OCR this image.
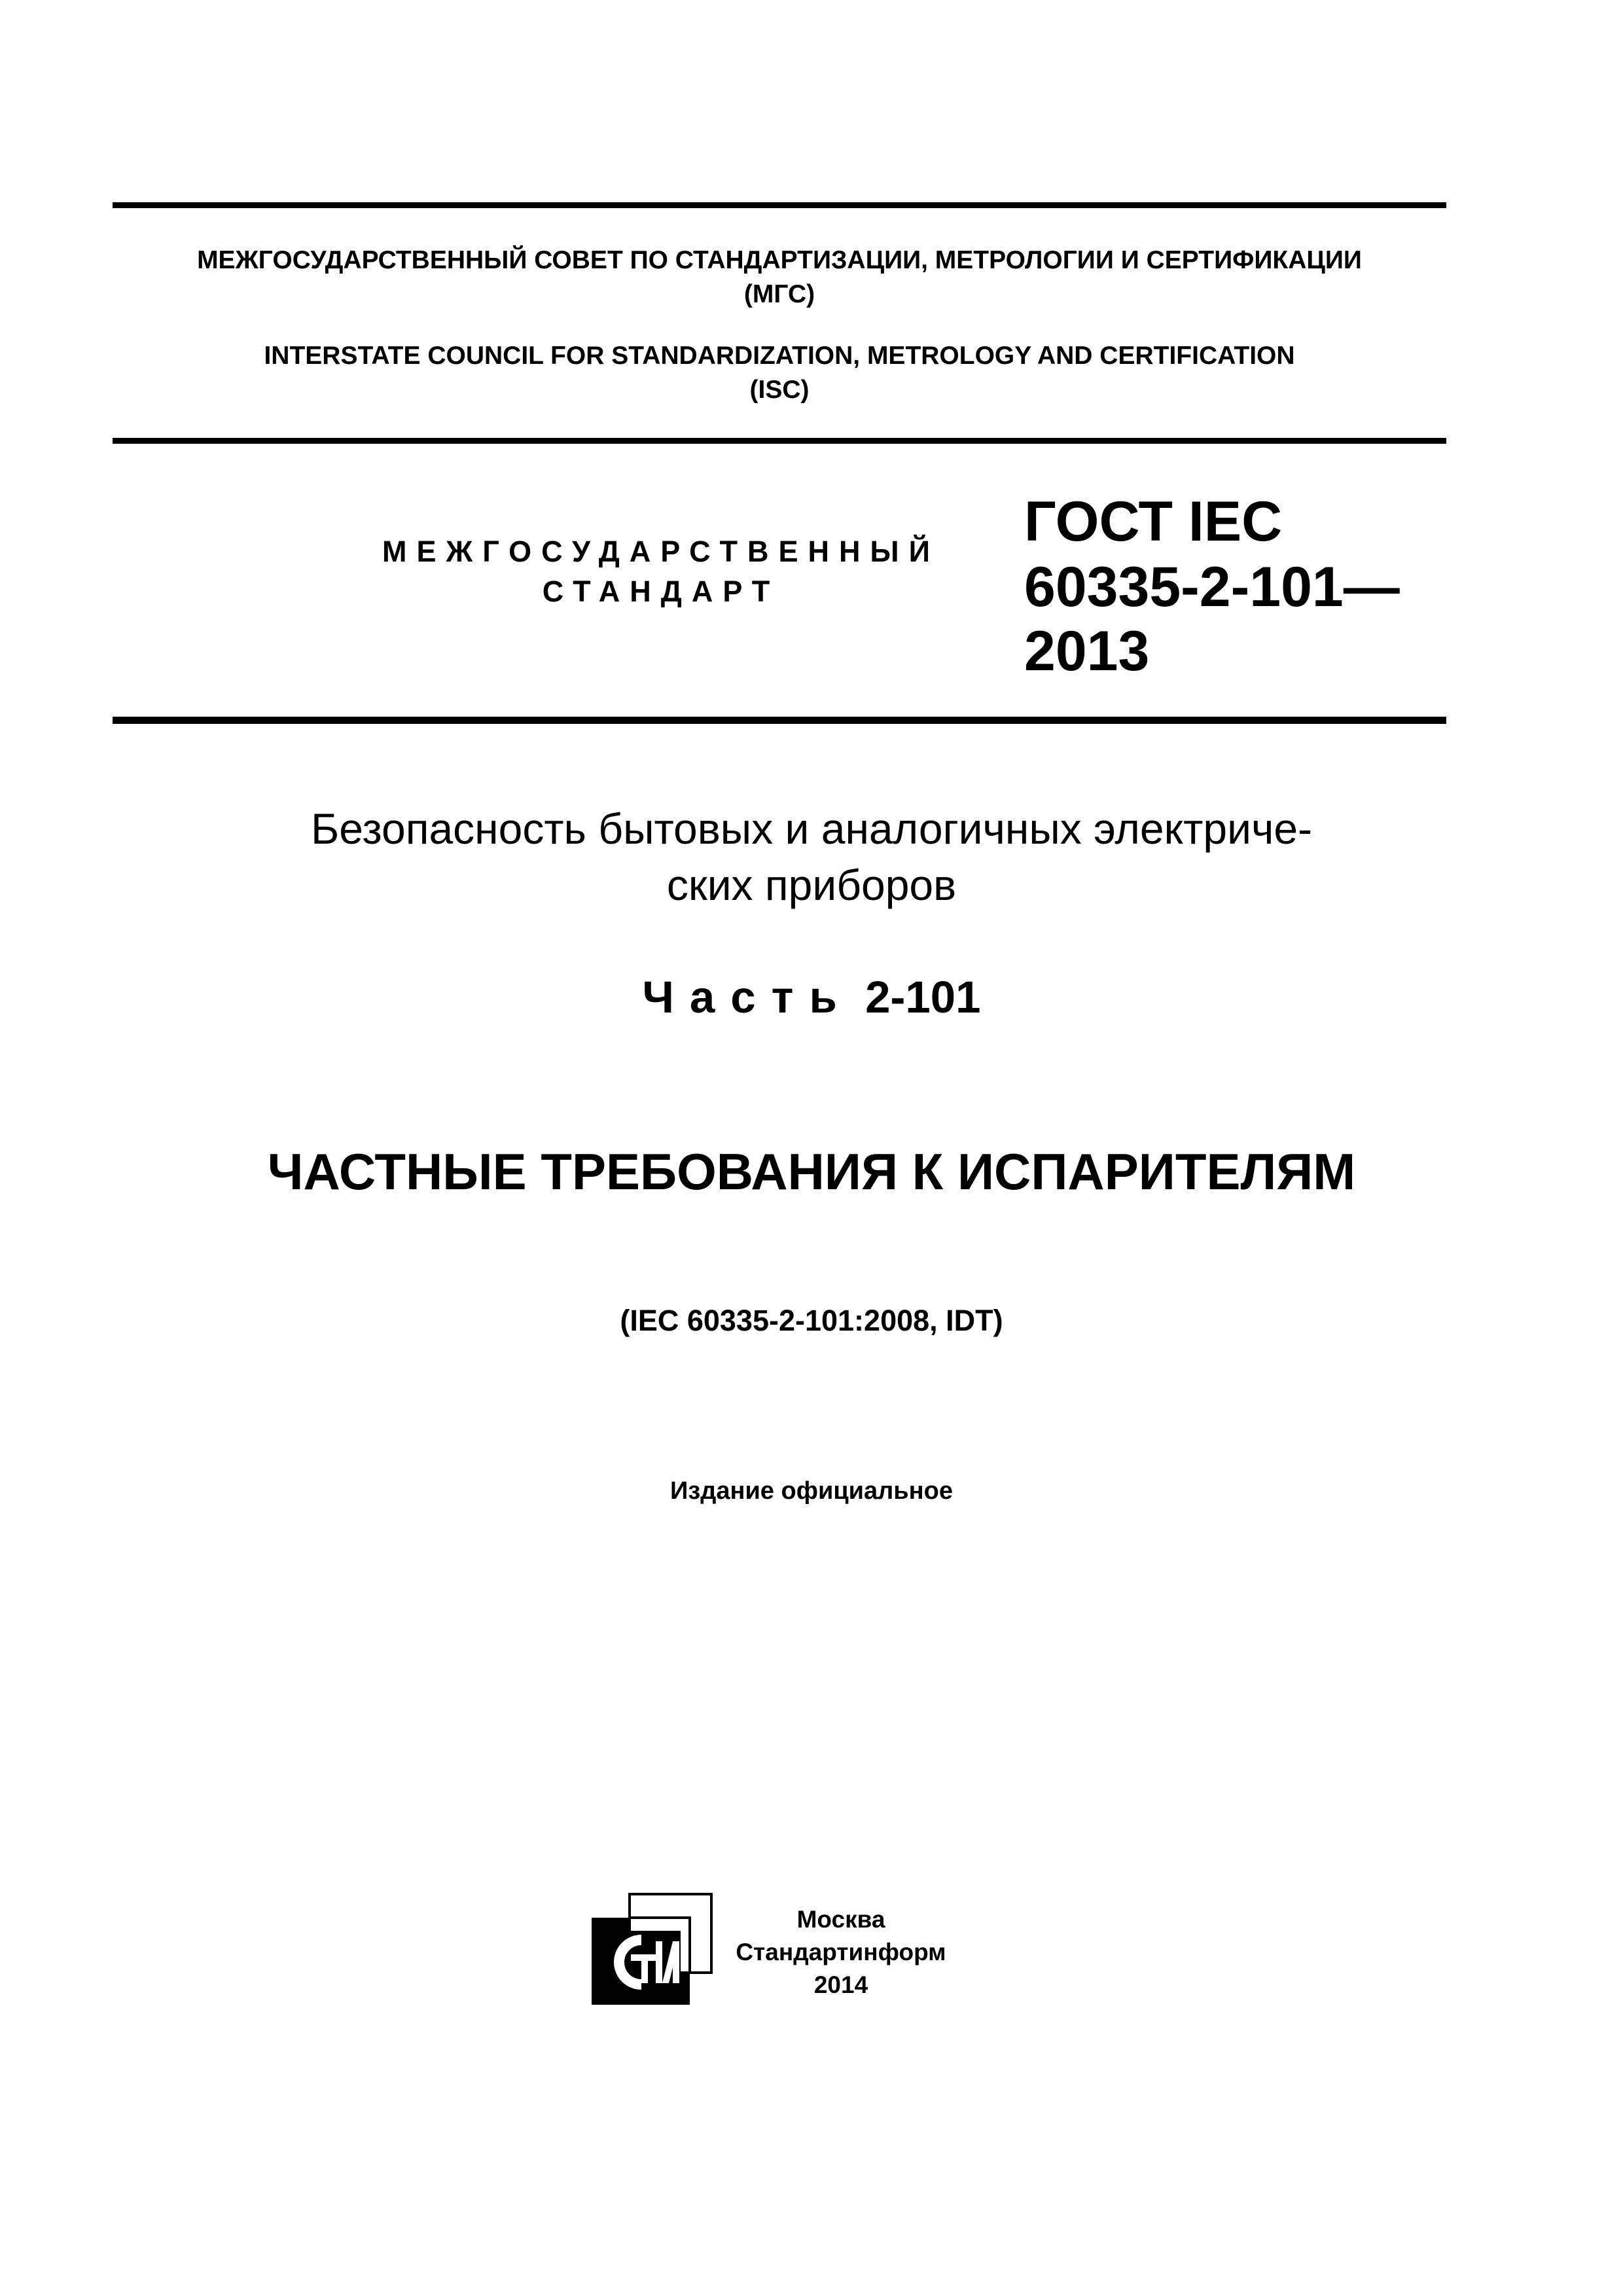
МЕЖГОСУДАРСТВЕННЫЙ СОВЕТ ПО СТАНДАРТИЗАЦИИ, МЕТРОЛОГИИ И СЕРТИФИКАЦИИ
(МГС)
INTERSTATE COUNCIL FOR STANDARDIZATION, METROLOGY AND CERTIFICATION
(ISC)
МЕЖГОСУДАРСТВЕННЫЙ
СТАНДАРТ
ГОСТ IEC
60335-2-101—
2013
Безопасность бытовых и аналогичных электриче-
ских приборов
Часть 2-101
ЧАСТНЫЕ ТРЕБОВАНИЯ К ИСПАРИТЕЛЯМ
(IEC 60335-2-101:2008, IDT)
Издание официальное
Москва
Стандартинформ
2014
